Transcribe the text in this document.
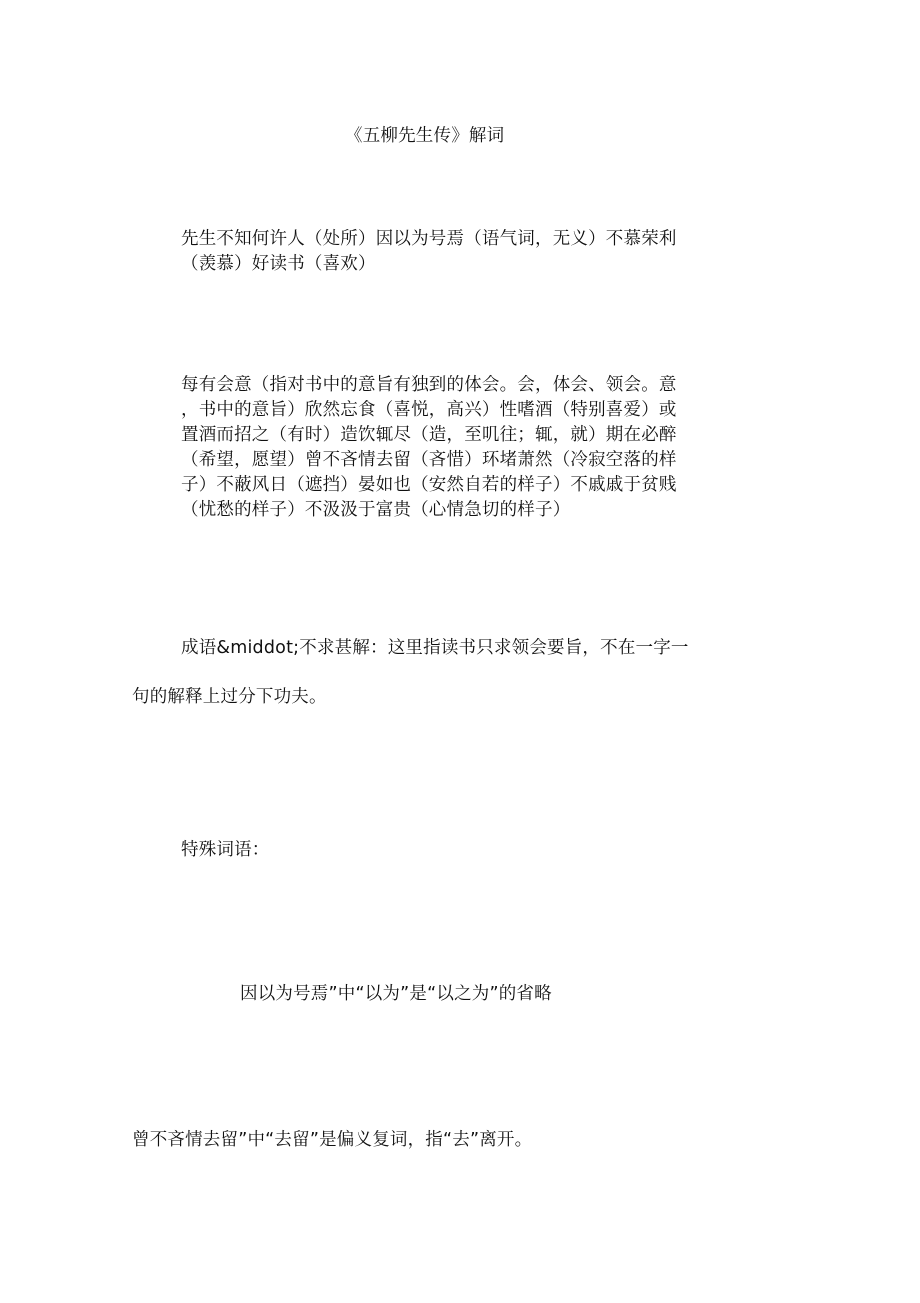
《五柳先生传》解词

先生不知何许人（处所）因以为号焉（语气词，无义）不慕荣利

（羡慕）好读书（喜欢）

每有会意（指对书中的意旨有独到的体会。会，体会、领会。意

，书中的意旨）欣然忘食（喜悦，高兴）性嗜酒（特别喜爱）或

置酒而招之（有时）造饮辄尽（造，至叽往；辄，就）期在必醉

（希望，愿望）曾不吝情去留（吝惜）环堵萧然（冷寂空落的样

子）不蔽风日（遮挡）晏如也（安然自若的样子）不戚戚于贫贱

（忧愁的样子）不汲汲于富贵（心情急切的样子）

成语&middot;不求甚解：这里指读书只求领会要旨，不在一字一

句的解释上过分下功夫。

特殊词语：

因以为号焉”中“以为”是“以之为”的省略

曾不吝情去留”中“去留”是偏义复词，指“去”离开。
